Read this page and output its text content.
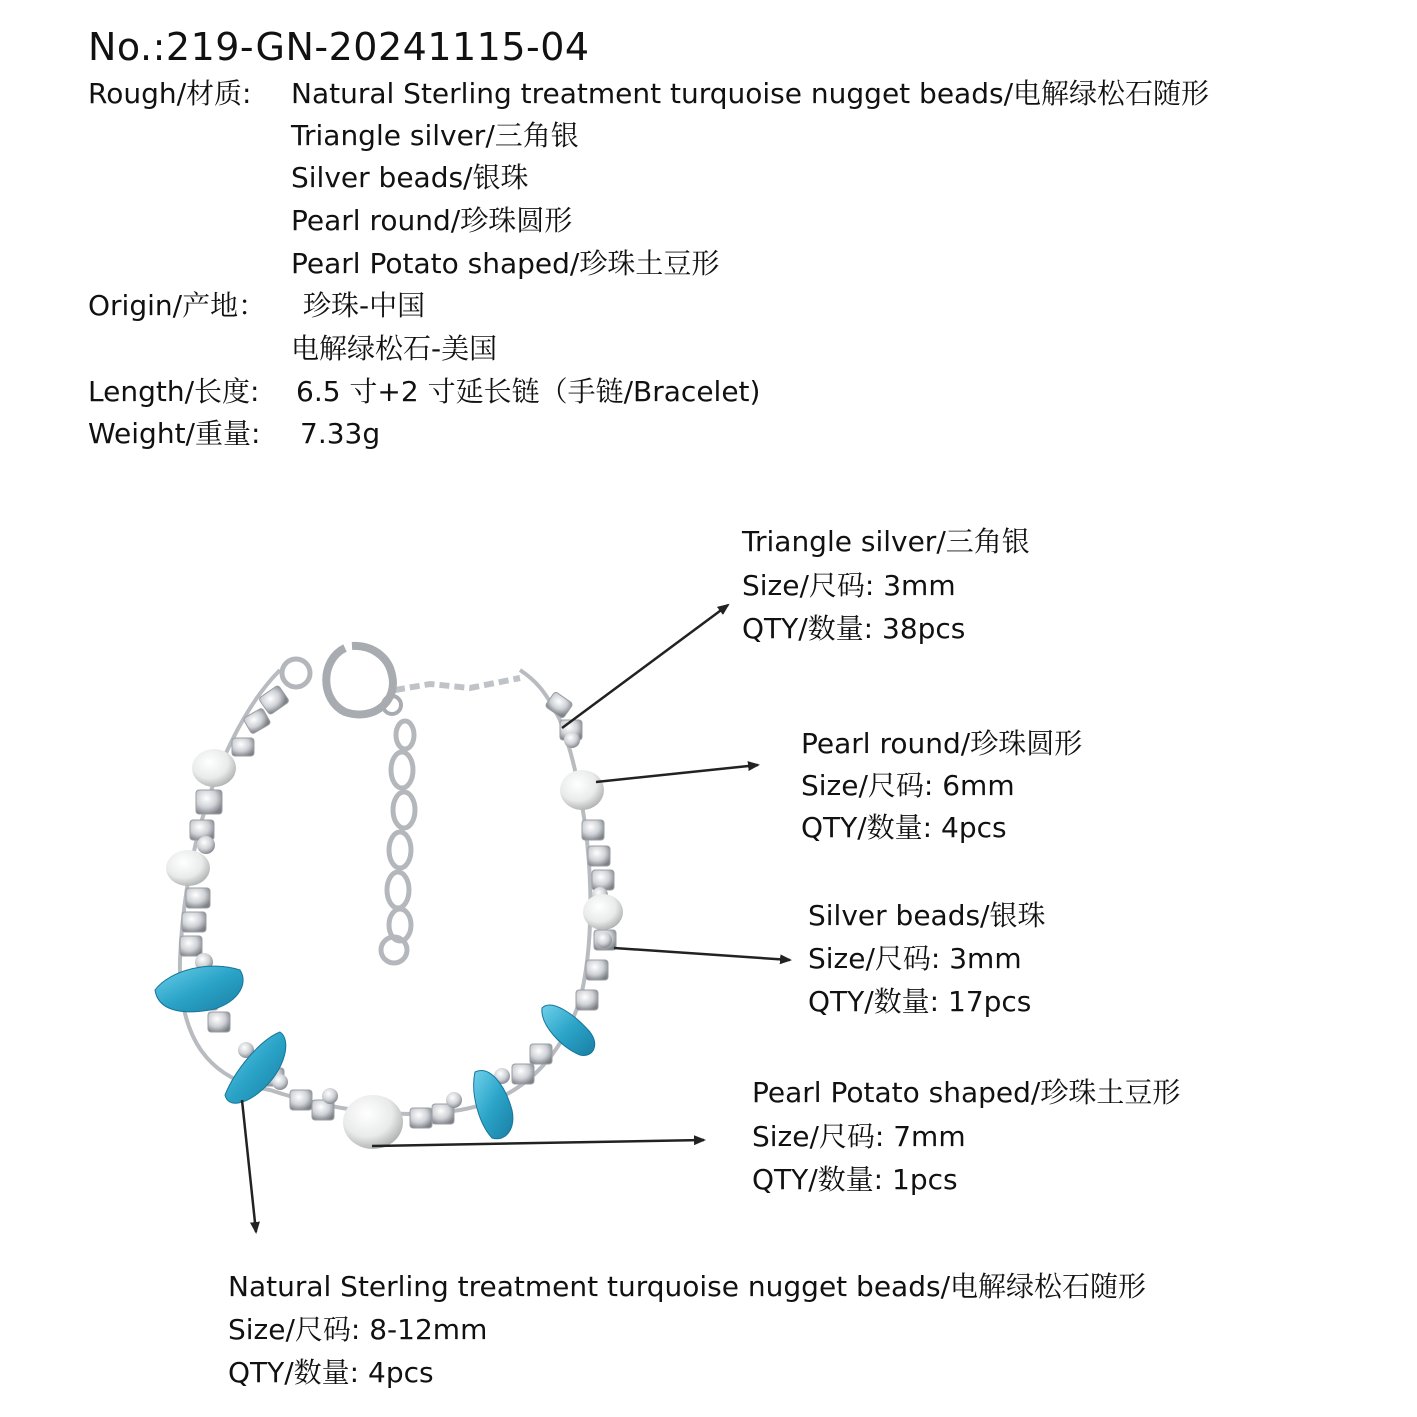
No.:219-GN-20241115-04
Rough/材质: Natural Sterling treatment turquoise nugget beads/电解绿松石随形
Triangle silver/三角银
Silver beads/银珠
Pearl round/珍珠圆形
Pearl Potato shaped/珍珠土豆形
Origin/产地： 珍珠-中国
电解绿松石-美国
Length/长度: 6.5 寸+2 寸延长链（手链/Bracelet)
Weight/重量: 7.33g
Triangle silver/三角银
Size/尺码: 3mm
QTY/数量: 38pcs
Pearl round/珍珠圆形
Size/尺码: 6mm
QTY/数量: 4pcs
Silver beads/银珠
Size/尺码: 3mm
QTY/数量: 17pcs
Pearl Potato shaped/珍珠土豆形
Size/尺码: 7mm
QTY/数量: 1pcs
Natural Sterling treatment turquoise nugget beads/电解绿松石随形
Size/尺码: 8-12mm
QTY/数量: 4pcs
